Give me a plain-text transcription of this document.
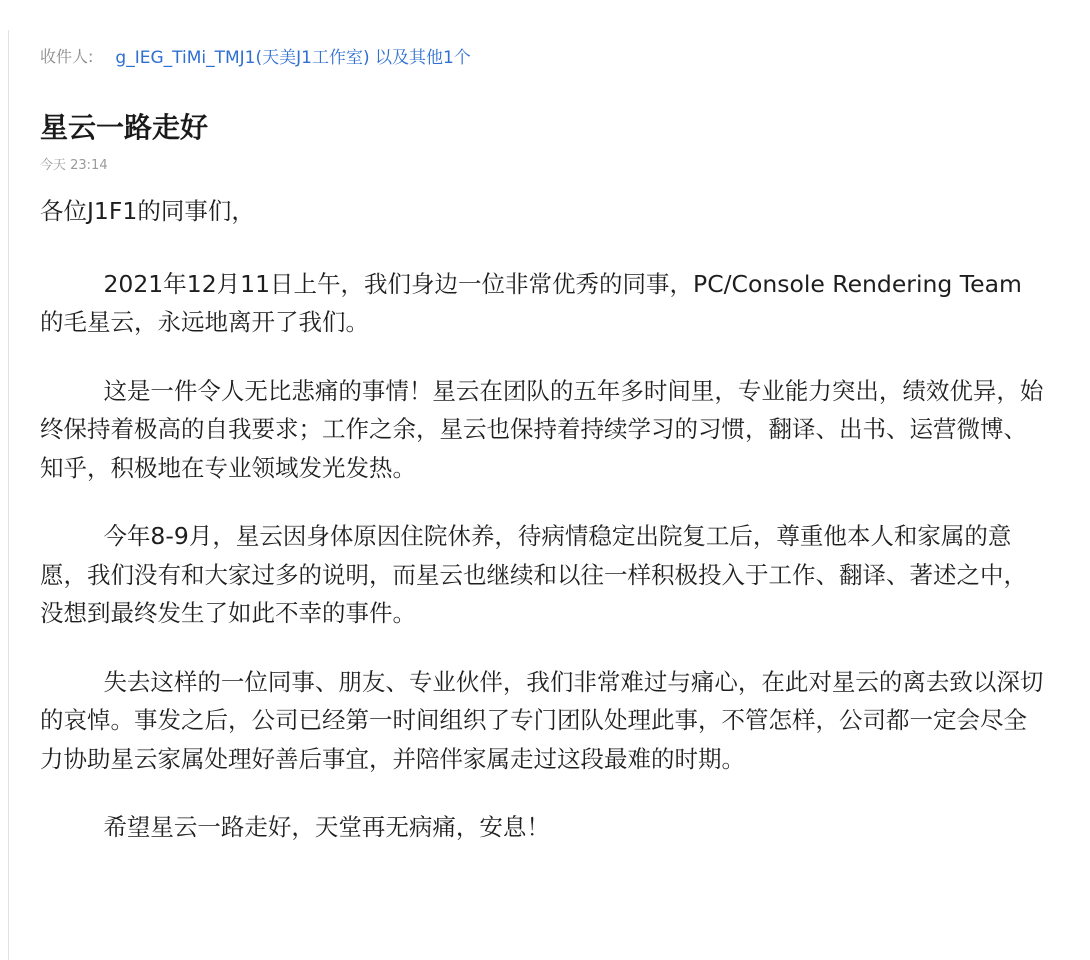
收件人: g_IEG_TiMi_TMJ1(天美J1工作室) 以及其他1个
星云一路走好
今天 23:14

各位J1F1的同事们，

2021年12月11日上午，我们身边一位非常优秀的同事，PC/Console Rendering Team的毛星云，永远地离开了我们。

这是一件令人无比悲痛的事情！星云在团队的五年多时间里，专业能力突出，绩效优异，始终保持着极高的自我要求；工作之余，星云也保持着持续学习的习惯，翻译、出书、运营微博、知乎，积极地在专业领域发光发热。

今年8-9月，星云因身体原因住院休养，待病情稳定出院复工后，尊重他本人和家属的意愿，我们没有和大家过多的说明，而星云也继续和以往一样积极投入于工作、翻译、著述之中，没想到最终发生了如此不幸的事件。

失去这样的一位同事、朋友、专业伙伴，我们非常难过与痛心，在此对星云的离去致以深切的哀悼。事发之后，公司已经第一时间组织了专门团队处理此事，不管怎样，公司都一定会尽全力协助星云家属处理好善后事宜，并陪伴家属走过这段最难的时期。

希望星云一路走好，天堂再无病痛，安息！
